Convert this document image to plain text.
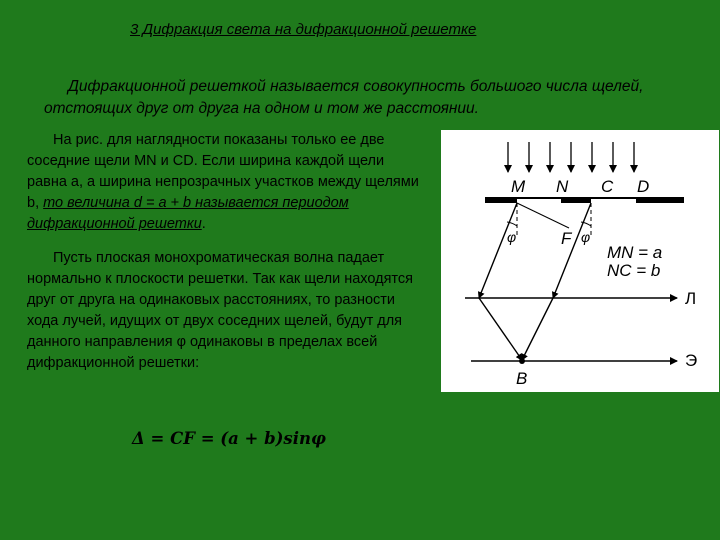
3 Дифракция света на дифракционной решетке
Дифракционной решеткой называется совокупность большого числа щелей, отстоящих друг от друга на одном и том же расстоянии.
На рис. для наглядности показаны только ее две соседние щели MN и CD. Если ширина каждой щели равна a, а ширина непрозрачных участков между щелями b, то величина d = a + b называется периодом дифракционной решетки.
Пусть плоская монохроматическая волна падает нормально к плоскости решетки. Так как щели находятся друг от друга на одинаковых расстояниях, то разности хода лучей, идущих от двух соседних щелей, будут для данного направления φ одинаковы в пределах всей дифракционной решетки:
Δ = CF = (a + b)sinφ
M N C D
φ	φ
F
Л
Э
B
MN = a
NC = b
